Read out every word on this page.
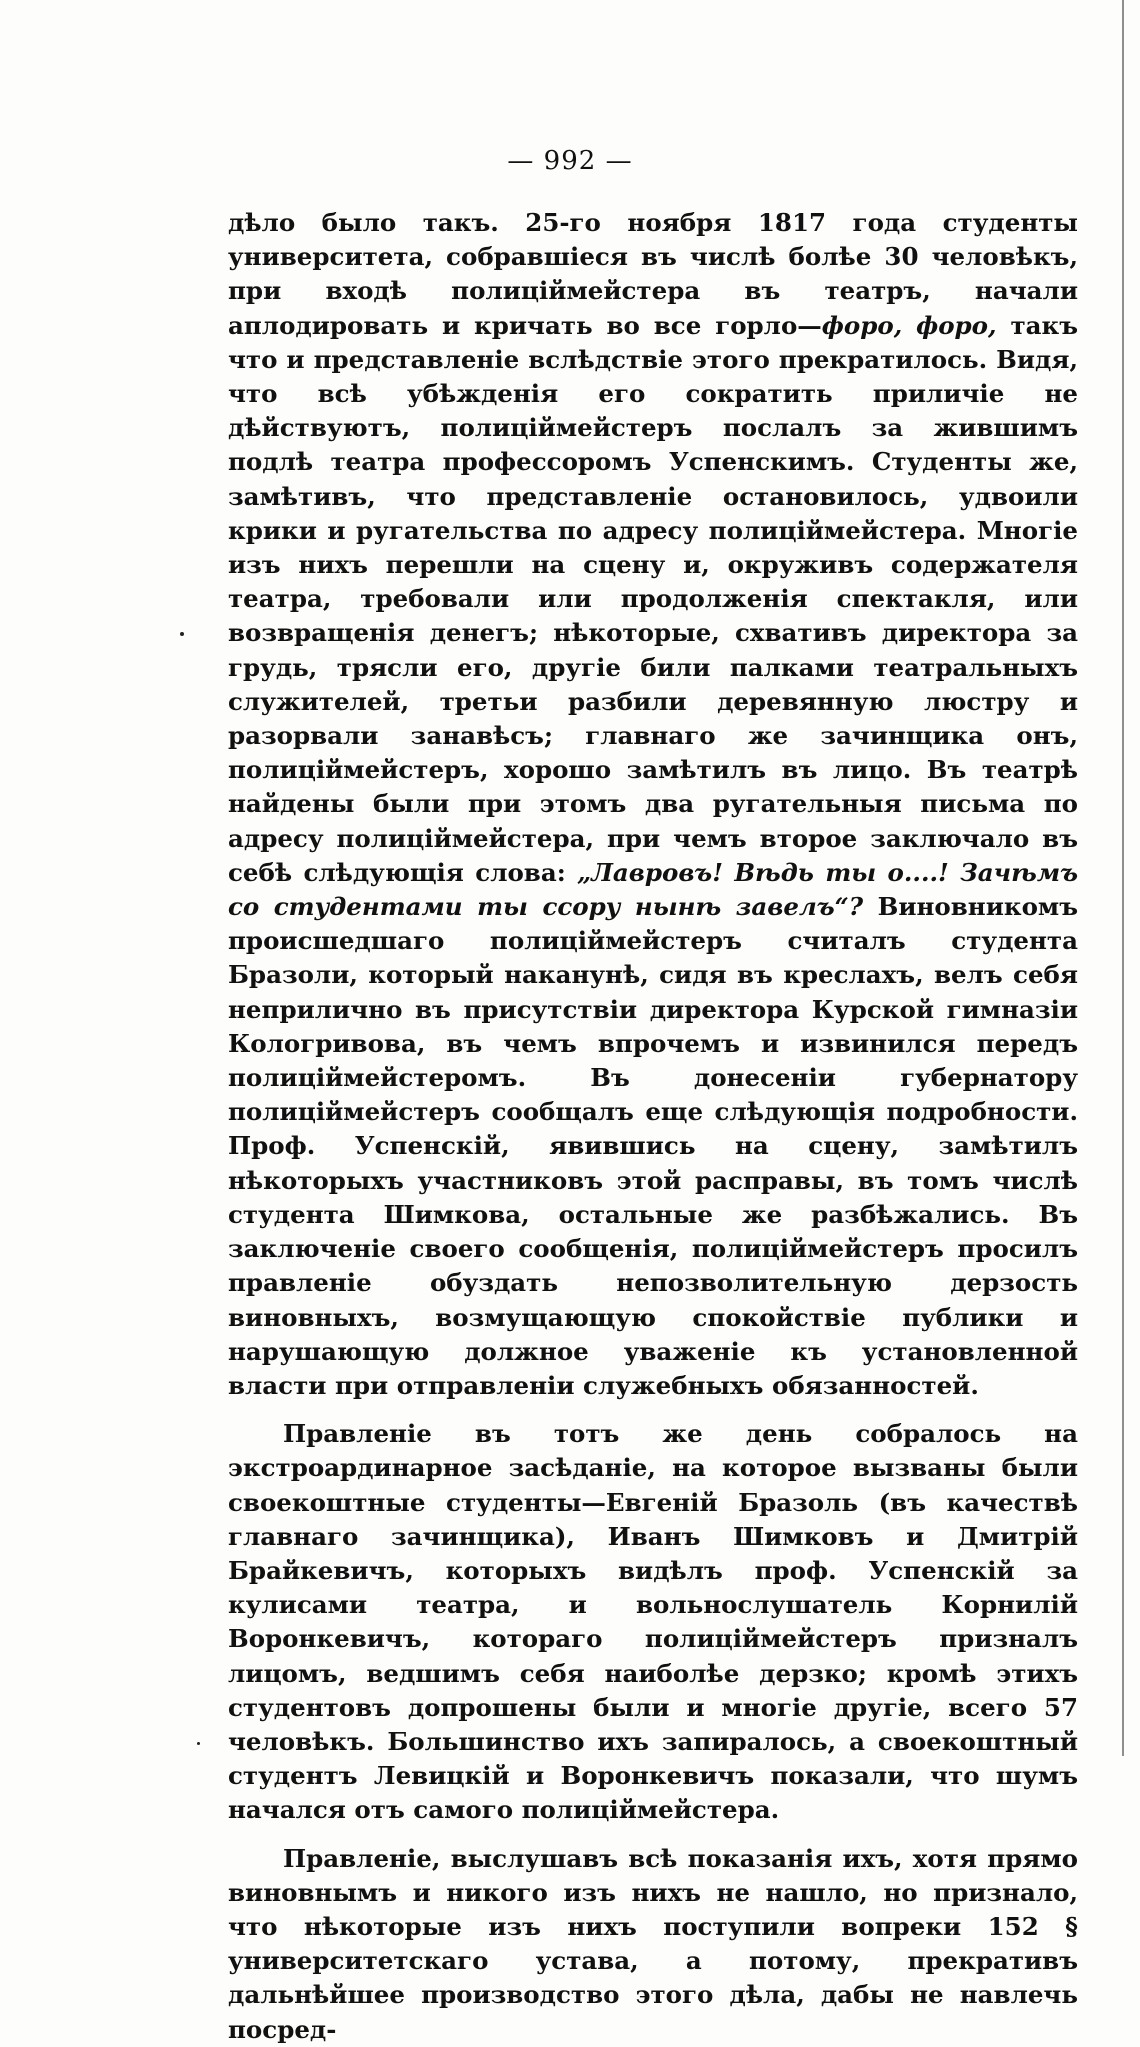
— 992 —

дѣло было такъ. 25-го ноября 1817 года студенты университета, собравшіеся въ числѣ болѣе 30 человѣкъ, при входѣ полиціймейстера въ театръ, начали аплодировать и кричать во все горло—форо, форо, такъ что и представленіе вслѣдствіе этого прекратилось. Видя, что всѣ убѣжденія его сократить приличіе не дѣйствуютъ, полиціймейстеръ послалъ за жившимъ подлѣ театра профессоромъ Успенскимъ. Студенты же, замѣтивъ, что представленіе остановилось, удвоили крики и ругательства по адресу полиціймейстера. Многіе изъ нихъ перешли на сцену и, окруживъ содержателя театра, требовали или продолженія спектакля, или возвращенія денегъ; нѣкоторые, схвативъ директора за грудь, трясли его, другіе били палками театральныхъ служителей, третьи разбили деревянную люстру и разорвали занавѣсъ; главнаго же зачинщика онъ, полиціймейстеръ, хорошо замѣтилъ въ лицо. Въ театрѣ найдены были при этомъ два ругательныя письма по адресу полиціймейстера, при чемъ второе заключало въ себѣ слѣдующія слова: „Лавровъ! Вѣдь ты о....! Зачѣмъ со студентами ты ссору нынѣ завелъ“? Виновникомъ происшедшаго полиціймейстеръ считалъ студента Бразоли, который наканунѣ, сидя въ креслахъ, велъ себя неприлично въ присутствіи директора Курской гимназіи Кологривова, въ чемъ впрочемъ и извинился передъ полиціймейстеромъ. Въ донесеніи губернатору полиціймейстеръ сообщалъ еще слѣдующія подробности. Проф. Успенскій, явившись на сцену, замѣтилъ нѣкоторыхъ участниковъ этой расправы, въ томъ числѣ студента Шимкова, остальные же разбѣжались. Въ заключеніе своего сообщенія, полиціймейстеръ просилъ правленіе обуздать непозволительную дерзость виновныхъ, возмущающую спокойствіе публики и нарушающую должное уваженіе къ установленной власти при отправленіи служебныхъ обязанностей.

Правленіе въ тотъ же день собралось на экстроардинарное засѣданіе, на которое вызваны были своекоштные студенты—Евгеній Бразоль (въ качествѣ главнаго зачинщика), Иванъ Шимковъ и Дмитрій Брайкевичъ, которыхъ видѣлъ проф. Успенскій за кулисами театра, и вольнослушатель Корнилій Воронкевичъ, котораго полиціймейстеръ призналъ лицомъ, ведшимъ себя наиболѣе дерзко; кромѣ этихъ студентовъ допрошены были и многіе другіе, всего 57 человѣкъ. Большинство ихъ запиралось, а своекоштный студентъ Левицкій и Воронкевичъ показали, что шумъ начался отъ самого полиціймейстера.

Правленіе, выслушавъ всѣ показанія ихъ, хотя прямо виновнымъ и никого изъ нихъ не нашло, но признало, что нѣкоторые изъ нихъ поступили вопреки 152 § университетскаго устава, а потому, прекративъ дальнѣйшее производство этого дѣла, дабы не навлечь посред-
